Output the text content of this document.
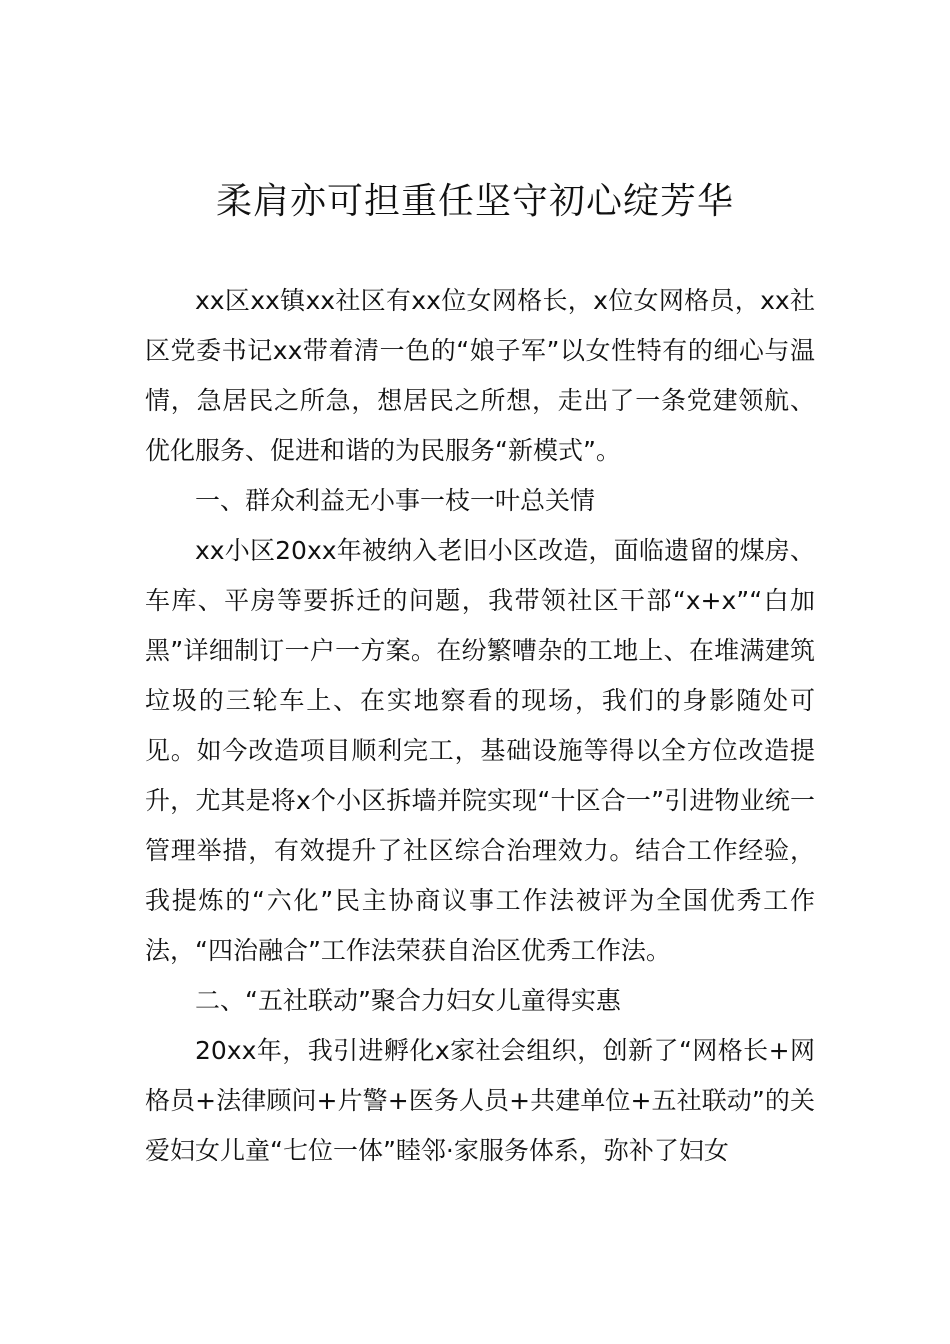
柔肩亦可担重任坚守初心绽芳华

xx区xx镇xx社区有xx位女网格长，x位女网格员，xx社区党委书记xx带着清一色的“娘子军”以女性特有的细心与温情，急居民之所急，想居民之所想，走出了一条党建领航、优化服务、促进和谐的为民服务“新模式”。

一、群众利益无小事一枝一叶总关情

xx小区20xx年被纳入老旧小区改造，面临遗留的煤房、车库、平房等要拆迁的问题，我带领社区干部“x+x”“白加黑”详细制订一户一方案。在纷繁嘈杂的工地上、在堆满建筑垃圾的三轮车上、在实地察看的现场，我们的身影随处可见。如今改造项目顺利完工，基础设施等得以全方位改造提升，尤其是将x个小区拆墙并院实现“十区合一”引进物业统一管理举措，有效提升了社区综合治理效力。结合工作经验，我提炼的“六化”民主协商议事工作法被评为全国优秀工作法，“四治融合”工作法荣获自治区优秀工作法。

二、“五社联动”聚合力妇女儿童得实惠

20xx年，我引进孵化x家社会组织，创新了“网格长+网格员+法律顾问+片警+医务人员+共建单位+五社联动”的关爱妇女儿童“七位一体”睦邻·家服务体系，弥补了妇女
